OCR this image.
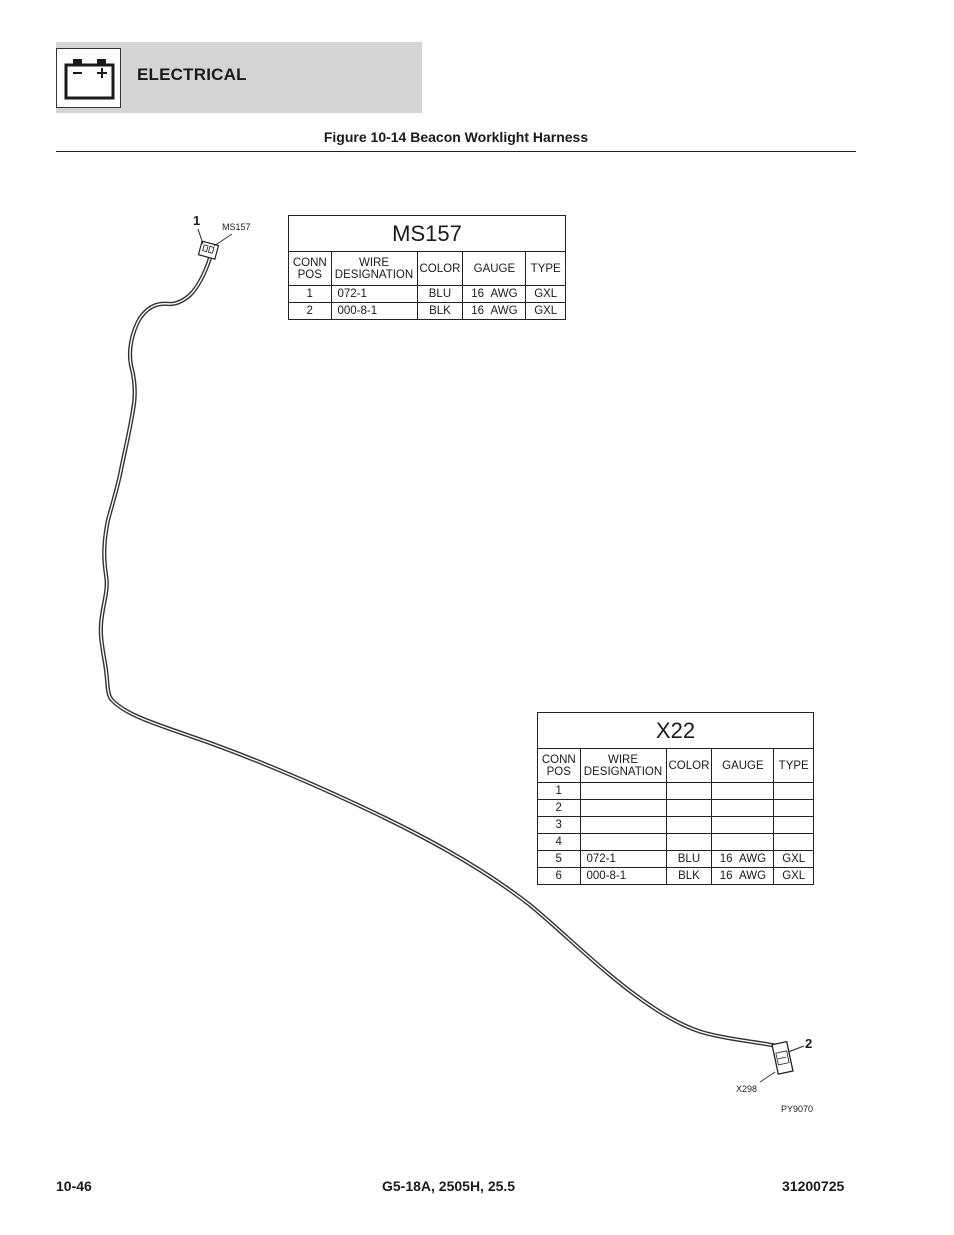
ELECTRICAL
Figure 10-14 Beacon Worklight Harness
1 MS157
2
X298
PY9070
MS157
CONN
POS	WIRE
DESIGNATION	COLOR	GAUGE	TYPE
1	072-1	BLU	16 AWG	GXL
2	000-8-1	BLK	16 AWG	GXL
X22
CONN
POS	WIRE
DESIGNATION	COLOR	GAUGE	TYPE
1				
2				
3				
4				
5	072-1	BLU	16 AWG	GXL
6	000-8-1	BLK	16 AWG	GXL
10-46	G5-18A, 2505H, 25.5	31200725
